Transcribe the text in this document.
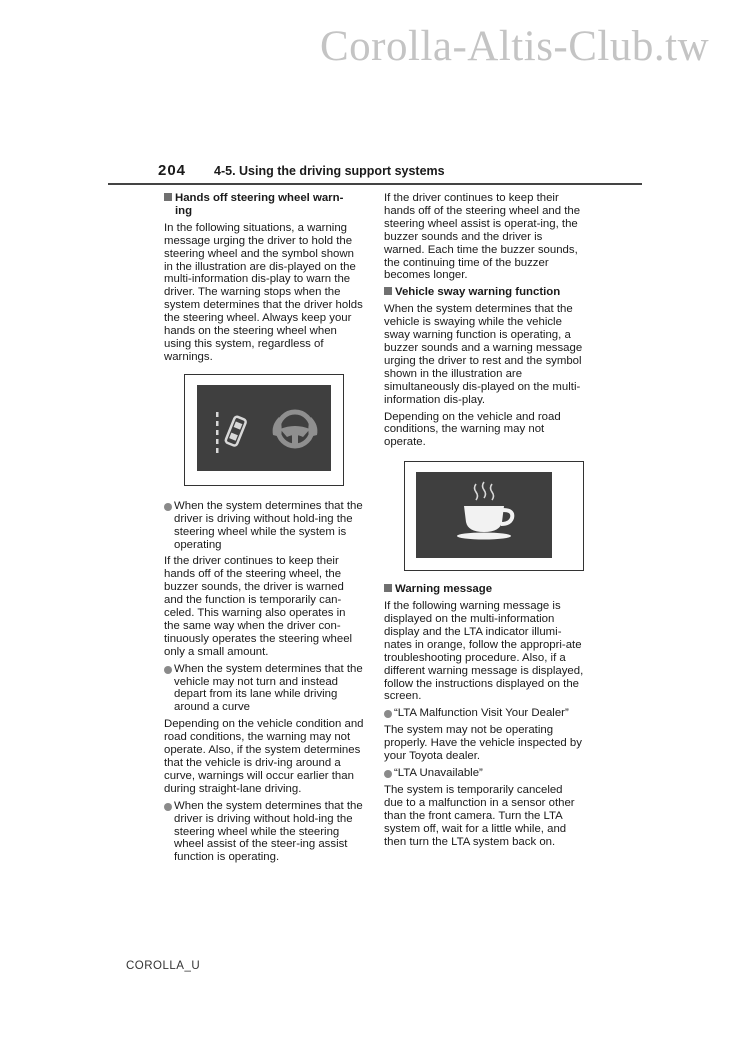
Corolla-Altis-Club.tw
204 4-5. Using the driving support systems
Hands off steering wheel warn-
ing

In the following situations, a warning message urging the driver to hold the steering wheel and the symbol shown in the illustration are dis-played on the multi-information dis-play to warn the driver. The warning stops when the system determines that the driver holds the steering wheel. Always keep your hands on the steering wheel when using this system, regardless of warnings.

When the system determines that the driver is driving without hold-ing the steering wheel while the system is operating

If the driver continues to keep their hands off of the steering wheel, the buzzer sounds, the driver is warned and the function is temporarily can-celed. This warning also operates in the same way when the driver con-tinuously operates the steering wheel only a small amount.

When the system determines that the vehicle may not turn and instead depart from its lane while driving around a curve

Depending on the vehicle condition and road conditions, the warning may not operate. Also, if the system determines that the vehicle is driv-ing around a curve, warnings will occur earlier than during straight-lane driving.

When the system determines that the driver is driving without hold-ing the steering wheel while the steering wheel assist of the steer-ing assist function is operating.

If the driver continues to keep their hands off of the steering wheel and the steering wheel assist is operat-ing, the buzzer sounds and the driver is warned. Each time the buzzer sounds, the continuing time of the buzzer becomes longer.

Vehicle sway warning function

When the system determines that the vehicle is swaying while the vehicle sway warning function is operating, a buzzer sounds and a warning message urging the driver to rest and the symbol shown in the illustration are simultaneously dis-played on the multi-information dis-play.

Depending on the vehicle and road conditions, the warning may not operate.

Warning message

If the following warning message is displayed on the multi-information display and the LTA indicator illumi-nates in orange, follow the appropri-ate troubleshooting procedure. Also, if a different warning message is displayed, follow the instructions displayed on the screen.

“LTA Malfunction Visit Your Dealer”

The system may not be operating properly. Have the vehicle inspected by your Toyota dealer.

“LTA Unavailable”

The system is temporarily canceled due to a malfunction in a sensor other than the front camera. Turn the LTA system off, wait for a little while, and then turn the LTA system back on.

COROLLA_U
